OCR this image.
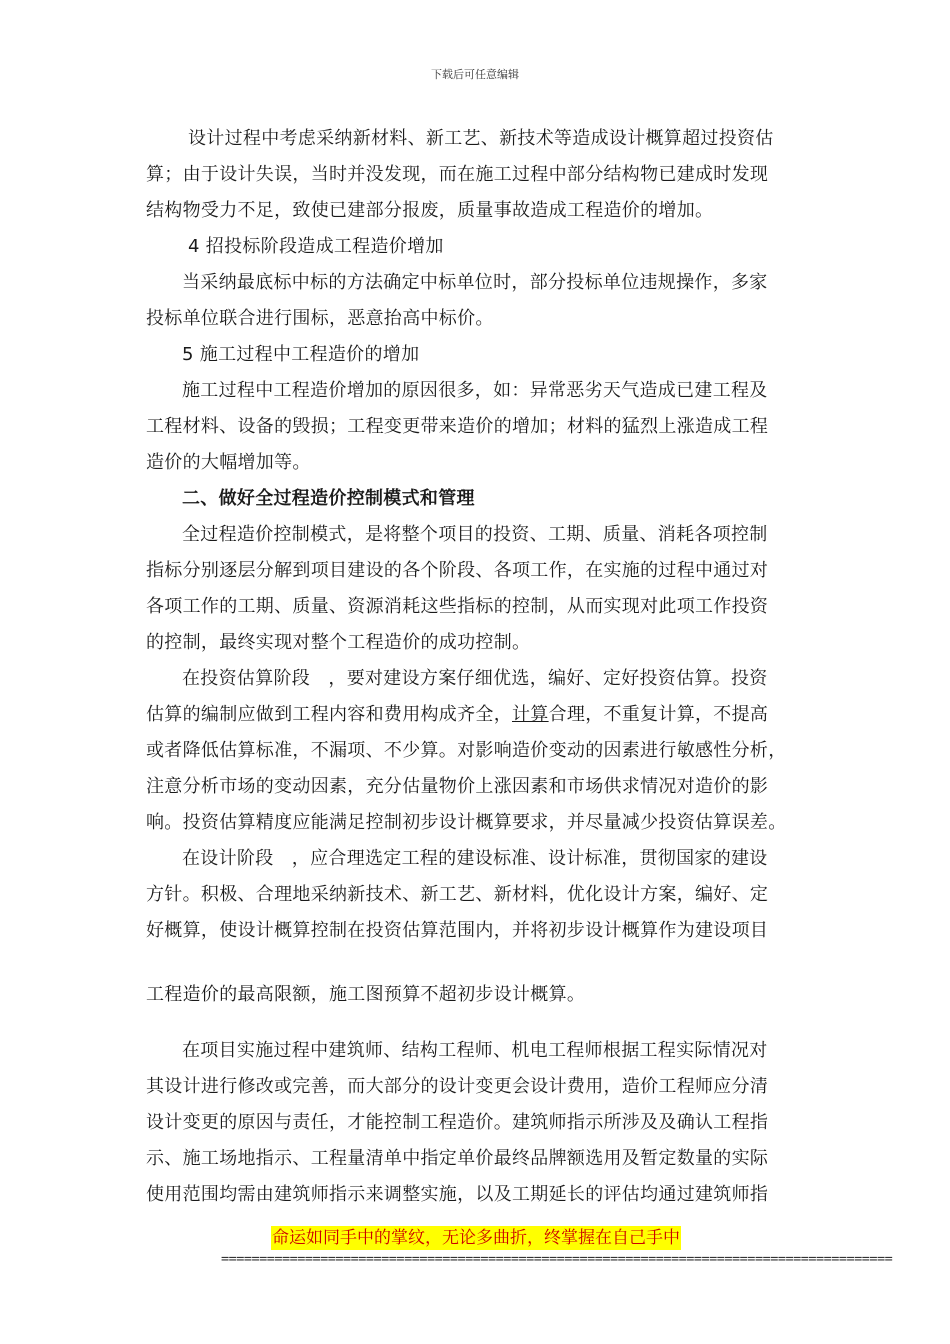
下载后可任意编辑
设计过程中考虑采纳新材料、新工艺、新技术等造成设计概算超过投资估
算；由于设计失误，当时并没发现，而在施工过程中部分结构物已建成时发现
结构物受力不足，致使已建部分报废，质量事故造成工程造价的增加。
4 招投标阶段造成工程造价增加
当采纳最底标中标的方法确定中标单位时，部分投标单位违规操作，多家
投标单位联合进行围标，恶意抬高中标价。
5 施工过程中工程造价的增加
施工过程中工程造价增加的原因很多，如：异常恶劣天气造成已建工程及
工程材料、设备的毁损；工程变更带来造价的增加；材料的猛烈上涨造成工程
造价的大幅增加等。
二、做好全过程造价控制模式和管理
全过程造价控制模式，是将整个项目的投资、工期、质量、消耗各项控制
指标分别逐层分解到项目建设的各个阶段、各项工作，在实施的过程中通过对
各项工作的工期、质量、资源消耗这些指标的控制，从而实现对此项工作投资
的控制，最终实现对整个工程造价的成功控制。
在投资估算阶段　，要对建设方案仔细优选，编好、定好投资估算。投资
估算的编制应做到工程内容和费用构成齐全，计算合理，不重复计算，不提高
或者降低估算标准，不漏项、不少算。对影响造价变动的因素进行敏感性分析，
注意分析市场的变动因素，充分估量物价上涨因素和市场供求情况对造价的影
响。投资估算精度应能满足控制初步设计概算要求，并尽量减少投资估算误差。
在设计阶段　，应合理选定工程的建设标准、设计标准，贯彻国家的建设
方针。积极、合理地采纳新技术、新工艺、新材料，优化设计方案，编好、定
好概算，使设计概算控制在投资估算范围内，并将初步设计概算作为建设项目
工程造价的最高限额，施工图预算不超初步设计概算。
在项目实施过程中建筑师、结构工程师、机电工程师根据工程实际情况对
其设计进行修改或完善，而大部分的设计变更会设计费用，造价工程师应分清
设计变更的原因与责任，才能控制工程造价。建筑师指示所涉及及确认工程指
示、施工场地指示、工程量清单中指定单价最终品牌额选用及暂定数量的实际
使用范围均需由建筑师指示来调整实施，以及工期延长的评估均通过建筑师指
命运如同手中的掌纹，无论多曲折，终掌握在自己手中
========================================================================================
